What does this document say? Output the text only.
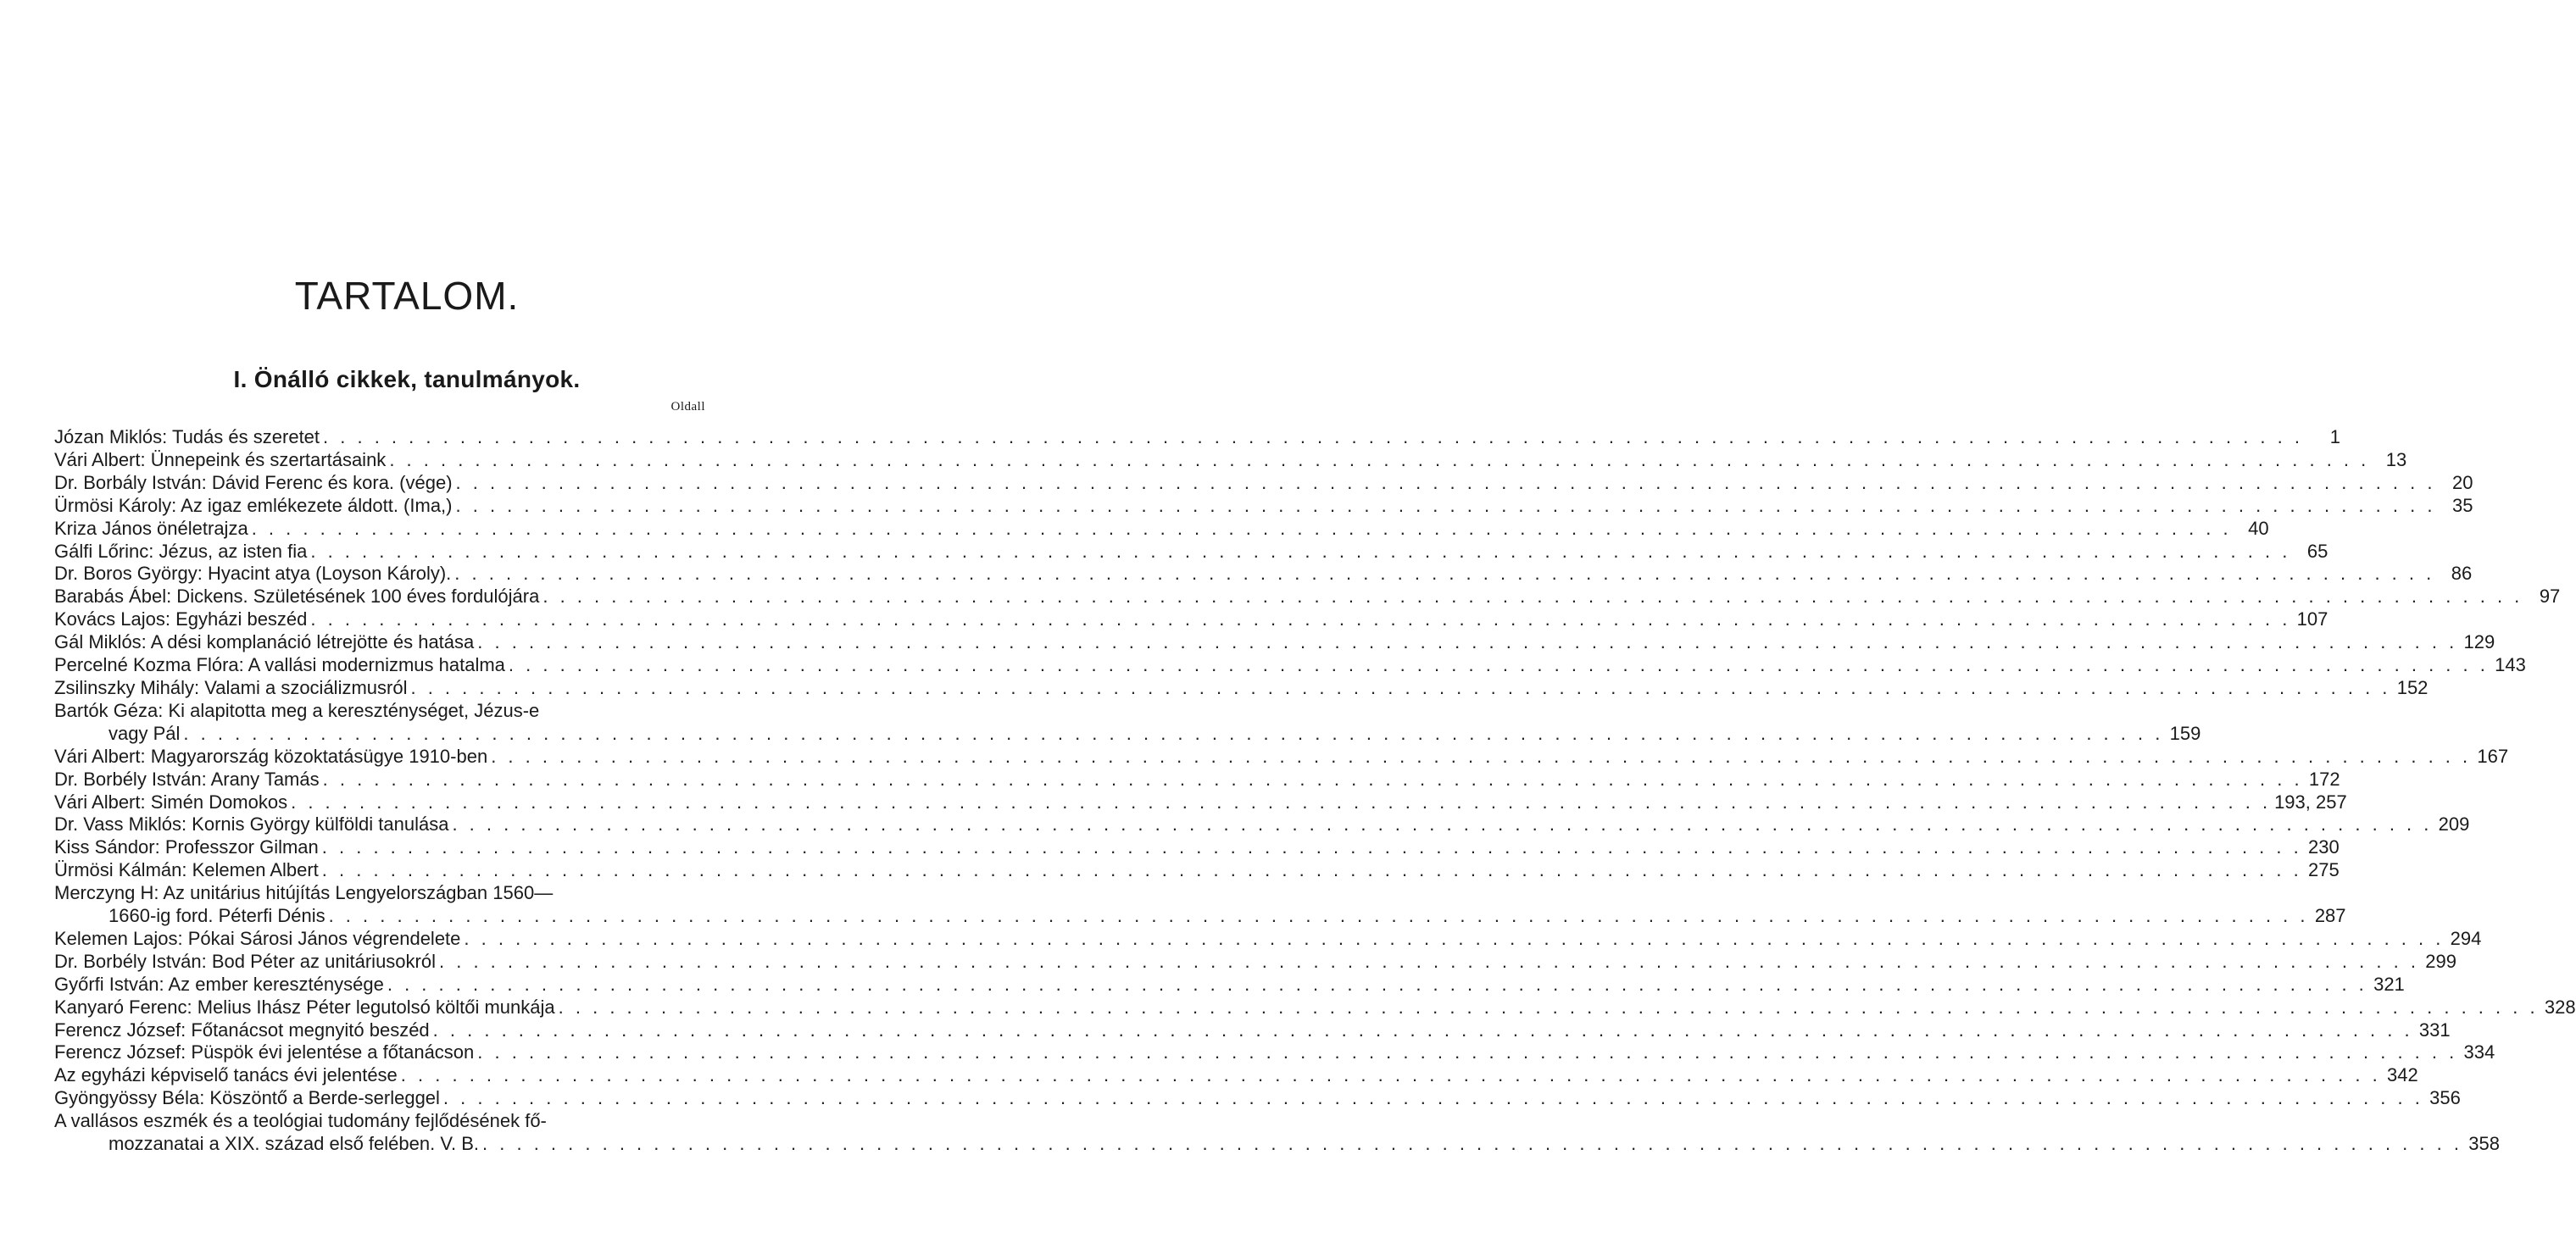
TARTALOM.
I. Önálló cikkek, tanulmányok.
Oldall
Józan Miklós: Tudás és szeretet . . .	1
Vári Albert: Ünnepeink és szertartásaink . . .	13
Dr. Borbály István: Dávid Ferenc és kora. (vége) . . .	20
Ürmösi Károly: Az igaz emlékezete áldott. (Ima,) . . .	35
Kriza János önéletrajza . . .	40
Gálfi Lőrinc: Jézus, az isten fia . . .	65
Dr. Boros György: Hyacint atya (Loyson Károly). . . .	86
Barabás Ábel: Dickens. Születésének 100 éves fordulójára . . .	97
Kovács Lajos: Egyházi beszéd . . .	107
Gál Miklós: A dési komplanáció létrejötte és hatása . . .	129
Percelné Kozma Flóra: A vallási modernizmus hatalma . . .	143
Zsilinszky Mihály: Valami a szociálizmusról . . .	152
Bartók Géza: Ki alapitotta meg a kereszténységet, Jézus-e
vagy Pál . . .	159
Vári Albert: Magyarország közoktatásügye 1910-ben . . .	167
Dr. Borbély István: Arany Tamás . . .	172
Vári Albert: Simén Domokos . . .	193, 257
Dr. Vass Miklós: Kornis György külföldi tanulása . . .	209
Kiss Sándor: Professzor Gilman . . .	230
Ürmösi Kálmán: Kelemen Albert . . .	275
Merczyng H: Az unitárius hitújítás Lengyelországban 1560—
1660-ig ford. Péterfi Dénis . . .	287
Kelemen Lajos: Pókai Sárosi János végrendelete . . .	294
Dr. Borbély István: Bod Péter az unitáriusokról . . .	299
Győrfi István: Az ember kereszténysége . . .	321
Kanyaró Ferenc: Melius Ihász Péter legutolsó költői munkája . . .	328
Ferencz József: Főtanácsot megnyitó beszéd . . .	331
Ferencz József: Püspök évi jelentése a főtanácson . . .	334
Az egyházi képviselő tanács évi jelentése . . .	342
Gyöngyössy Béla: Köszöntő a Berde-serleggel . . .	356
A vallásos eszmék és a teológiai tudomány fejlődésének fő-
mozzanatai a XIX. század első felében. V. B. . . .	358
